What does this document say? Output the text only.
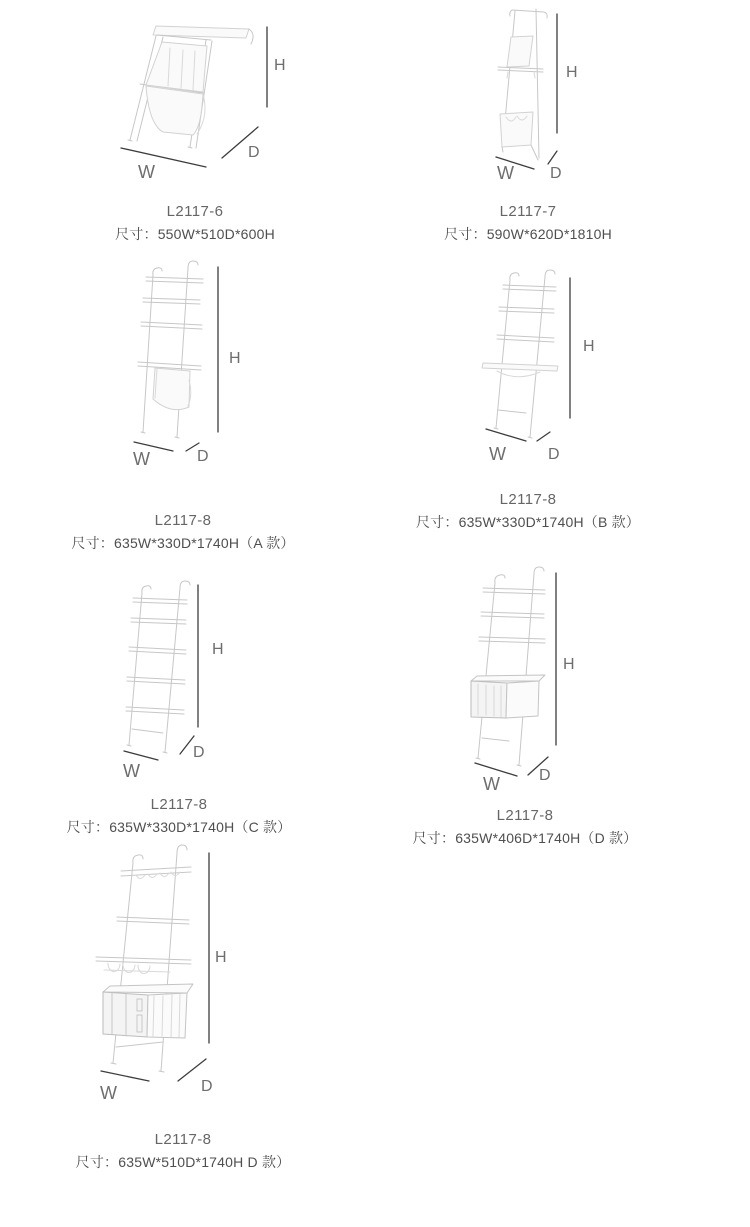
H
D
W
H
D
W
H
D
W
H
D
W
H
D
W
H
D
W
H
D
W
L2117-6
尺寸：550W*510D*600H
L2117-7
尺寸：590W*620D*1810H
L2117-8
尺寸：635W*330D*1740H（A 款）
L2117-8
尺寸：635W*330D*1740H（B 款）
L2117-8
尺寸：635W*330D*1740H（C 款）
L2117-8
尺寸：635W*406D*1740H（D 款）
L2117-8
尺寸：635W*510D*1740H D 款）
